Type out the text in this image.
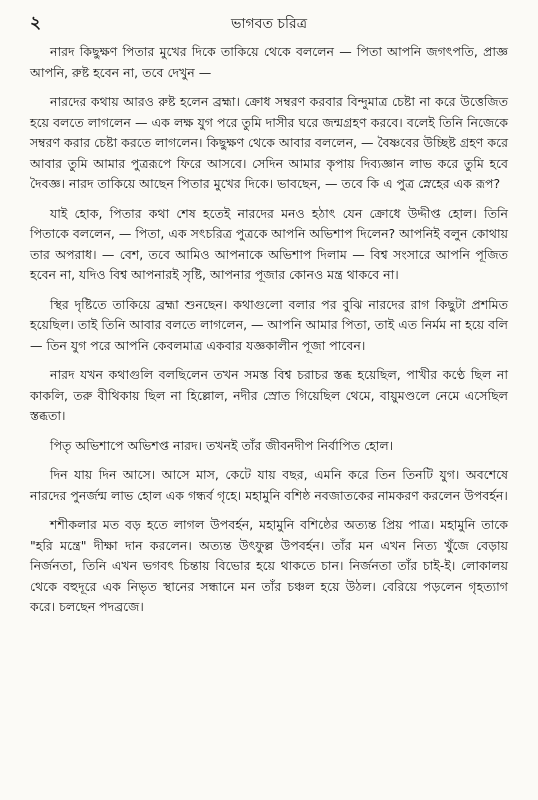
২	ভাগবত চরিত্র

নারদ কিছুক্ষণ পিতার মুখের দিকে তাকিয়ে থেকে বললেন — পিতা আপনি জগৎপতি, প্রাজ্ঞ আপনি, রুষ্ট হবেন না, তবে দেখুন —

নারদের কথায় আরও রুষ্ট হলেন ব্রহ্মা। ক্রোধ সম্বরণ করবার বিন্দুমাত্র চেষ্টা না করে উত্তেজিত হয়ে বলতে লাগলেন — এক লক্ষ যুগ পরে তুমি দাসীর ঘরে জন্মগ্রহণ করবে। বলেই তিনি নিজেকে সম্বরণ করার চেষ্টা করতে লাগলেন। কিছুক্ষণ থেকে আবার বললেন, — বৈষ্ণবের উচ্ছিষ্ট গ্রহণ করে আবার তুমি আমার পুত্ররূপে ফিরে আসবে। সেদিন আমার কৃপায় দিব্যজ্ঞান লাভ করে তুমি হবে দৈবজ্ঞ। নারদ তাকিয়ে আছেন পিতার মুখের দিকে। ভাবছেন, — তবে কি এ পুত্র স্নেহের এক রূপ?

যাই হোক, পিতার কথা শেষ হতেই নারদের মনও হঠাৎ যেন ক্রোধে উদ্দীপ্ত হোল। তিনি পিতাকে বললেন, — পিতা, এক সৎচরিত্র পুত্রকে আপনি অভিশাপ দিলেন? আপনিই বলুন কোথায় তার অপরাধ। — বেশ, তবে আমিও আপনাকে অভিশাপ দিলাম — বিশ্ব সংসারে আপনি পূজিত হবেন না, যদিও বিশ্ব আপনারই সৃষ্টি, আপনার পূজার কোনও মন্ত্র থাকবে না।

স্থির দৃষ্টিতে তাকিয়ে ব্রহ্মা শুনছেন। কথাগুলো বলার পর বুঝি নারদের রাগ কিছুটা প্রশমিত হয়েছিল। তাই তিনি আবার বলতে লাগলেন, — আপনি আমার পিতা, তাই এত নির্মম না হয়ে বলি — তিন যুগ পরে আপনি কেবলমাত্র একবার যজ্ঞকালীন পূজা পাবেন।

নারদ যখন কথাগুলি বলছিলেন তখন সমস্ত বিশ্ব চরাচর স্তব্ধ হয়েছিল, পাখীর কণ্ঠে ছিল না কাকলি, তরু বীথিকায় ছিল না হিল্লোল, নদীর স্রোত গিয়েছিল থেমে, বায়ুমণ্ডলে নেমে এসেছিল স্তব্ধতা।

পিতৃ অভিশাপে অভিশপ্ত নারদ। তখনই তাঁর জীবনদীপ নির্বাপিত হোল।

দিন যায় দিন আসে। আসে মাস, কেটে যায় বছর, এমনি করে তিন তিনটি যুগ। অবশেষে নারদের পুনর্জন্ম লাভ হোল এক গন্ধর্ব গৃহে। মহামুনি বশিষ্ঠ নবজাতকের নামকরণ করলেন উপবর্হন।

শশীকলার মত বড় হতে লাগল উপবর্হন, মহামুনি বশিষ্ঠের অত্যন্ত প্রিয় পাত্র। মহামুনি তাকে "হরি মন্ত্রে" দীক্ষা দান করলেন। অত্যন্ত উৎফুল্ল উপবর্হন। তাঁর মন এখন নিত্য খুঁজে বেড়ায় নির্জনতা, তিনি এখন ভগবৎ চিন্তায় বিভোর হয়ে থাকতে চান। নির্জনতা তাঁর চাই-ই। লোকালয় থেকে বহুদূরে এক নিভৃত স্থানের সন্ধানে মন তাঁর চঞ্চল হয়ে উঠল। বেরিয়ে পড়লেন গৃহত্যাগ করে। চলছেন পদব্রজে।
